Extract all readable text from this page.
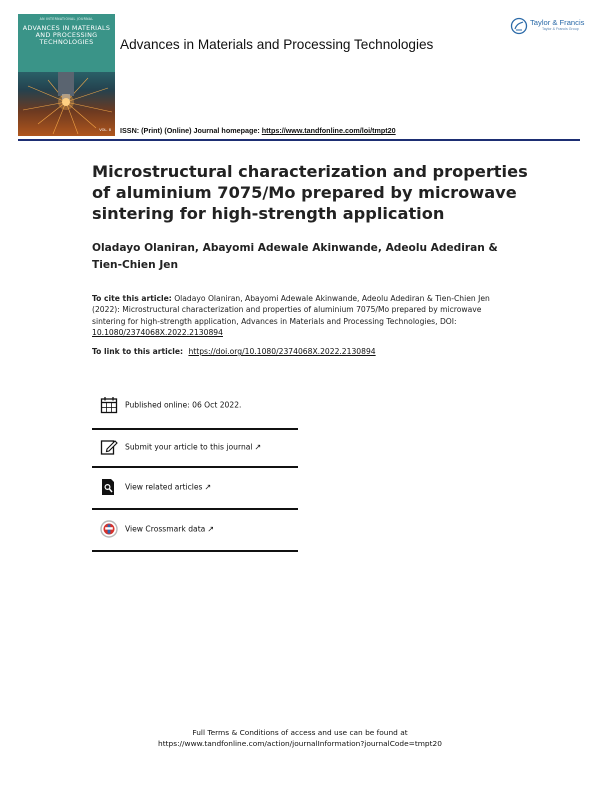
AN INTERNATIONAL JOURNAL
ADVANCES IN MATERIALS AND PROCESSING TECHNOLOGIES
VOL. 8
Advances in Materials and Processing Technologies
Taylor & Francis
Taylor & Francis Group
ISSN: (Print) (Online) Journal homepage: https://www.tandfonline.com/loi/tmpt20
Microstructural characterization and properties of aluminium 7075/Mo prepared by microwave sintering for high-strength application
Oladayo Olaniran, Abayomi Adewale Akinwande, Adeolu Adediran & Tien-Chien Jen
To cite this article: Oladayo Olaniran, Abayomi Adewale Akinwande, Adeolu Adediran & Tien-Chien Jen (2022): Microstructural characterization and properties of aluminium 7075/Mo prepared by microwave sintering for high-strength application, Advances in Materials and Processing Technologies, DOI: 10.1080/2374068X.2022.2130894
To link to this article: https://doi.org/10.1080/2374068X.2022.2130894
Published online: 06 Oct 2022.
Submit your article to this journal ↗
View related articles ↗
View Crossmark data ↗
Full Terms & Conditions of access and use can be found at
https://www.tandfonline.com/action/journalInformation?journalCode=tmpt20
